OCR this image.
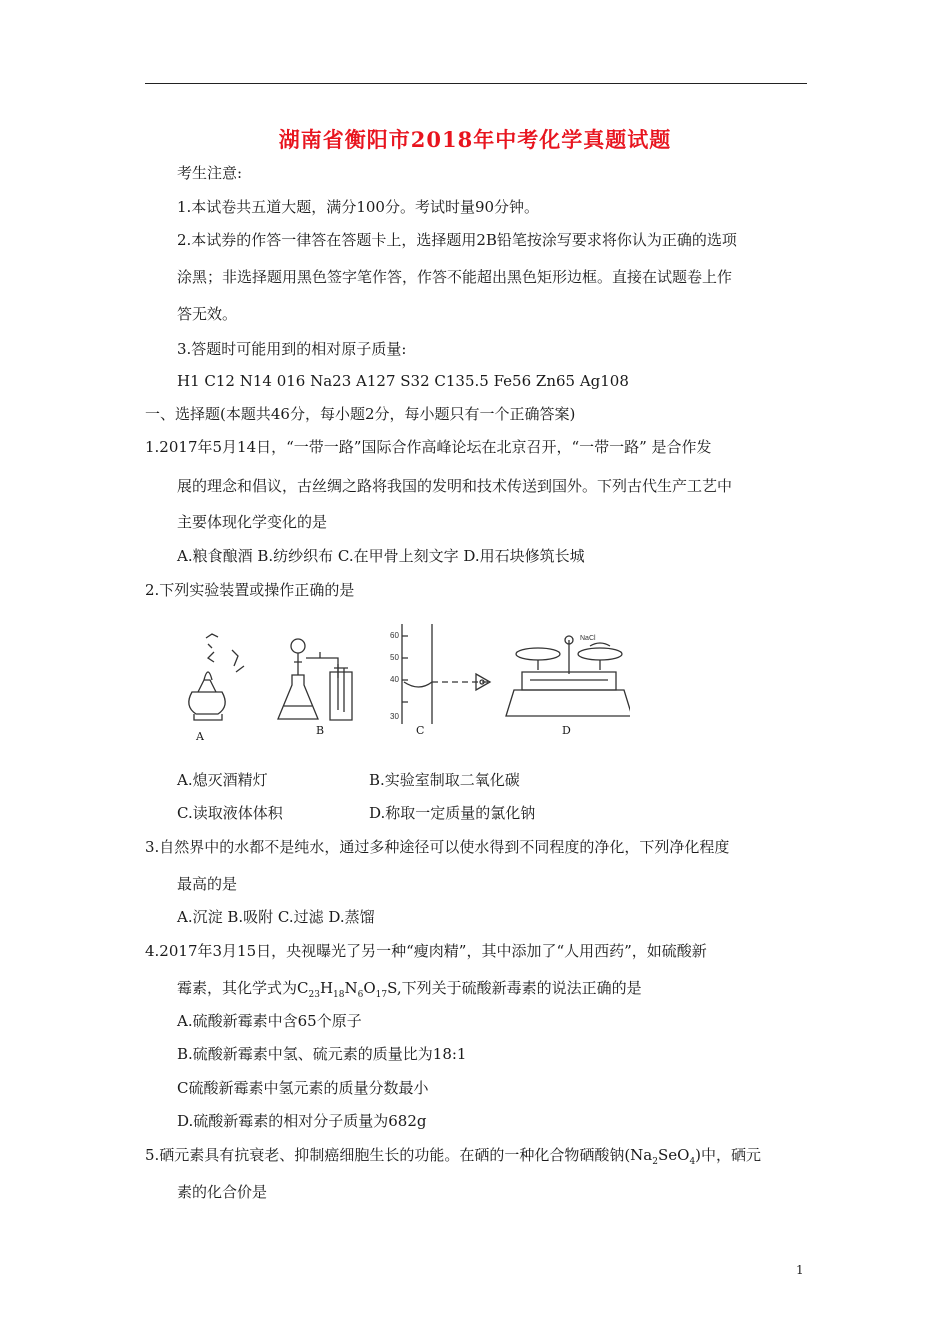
湖南省衡阳市2018年中考化学真题试题
考生注意:
1.本试卷共五道大题，满分100分。考试时量90分钟。
2.本试券的作答一律答在答题卡上，选择题用2B铅笔按涂写要求将你认为正确的选项
涂黑；非选择题用黑色签字笔作答，作答不能超出黑色矩形边框。直接在试题卷上作
答无效。
3.答题时可能用到的相对原子质量:
H1 C12 N14 016 Na23 A127 S32 C135.5 Fe56 Zn65 Ag108
一、选择题(本题共46分，每小题2分，每小题只有一个正确答案)
1.2017年5月14日，“一带一路”国际合作高峰论坛在北京召开，“一带一路” 是合作发
展的理念和倡议，古丝绸之路将我国的发明和技术传送到国外。下列古代生产工艺中
主要体现化学变化的是
A.粮食酿酒 B.纺纱织布 C.在甲骨上刻文字 D.用石块修筑长城
2.下列实验装置或操作正确的是
60
50
40
30
NaCl
A	B	C	D
A.熄灭酒精灯	B.实验室制取二氧化碳
C.读取液体体积	D.称取一定质量的氯化钠
3.自然界中的水都不是纯水，通过多种途径可以使水得到不同程度的净化，下列净化程度
最高的是
A.沉淀 B.吸附 C.过滤 D.蒸馏
4.2017年3月15日，央视曝光了另一种“瘦肉精”，其中添加了“人用西药”，如硫酸新
霉素，其化学式为$C_{23}H_{18}N_6O_{17}S$,下列关于硫酸新毒素的说法正确的是
A.硫酸新霉素中含65个原子
B.硫酸新霉素中氢、硫元素的质量比为18:1
C硫酸新霉素中氢元素的质量分数最小
D.硫酸新霉素的相对分子质量为682g
5.硒元素具有抗衰老、抑制癌细胞生长的功能。在硒的一种化合物硒酸钠$(Na_2SeO_4)$中，硒元
素的化合价是
1
